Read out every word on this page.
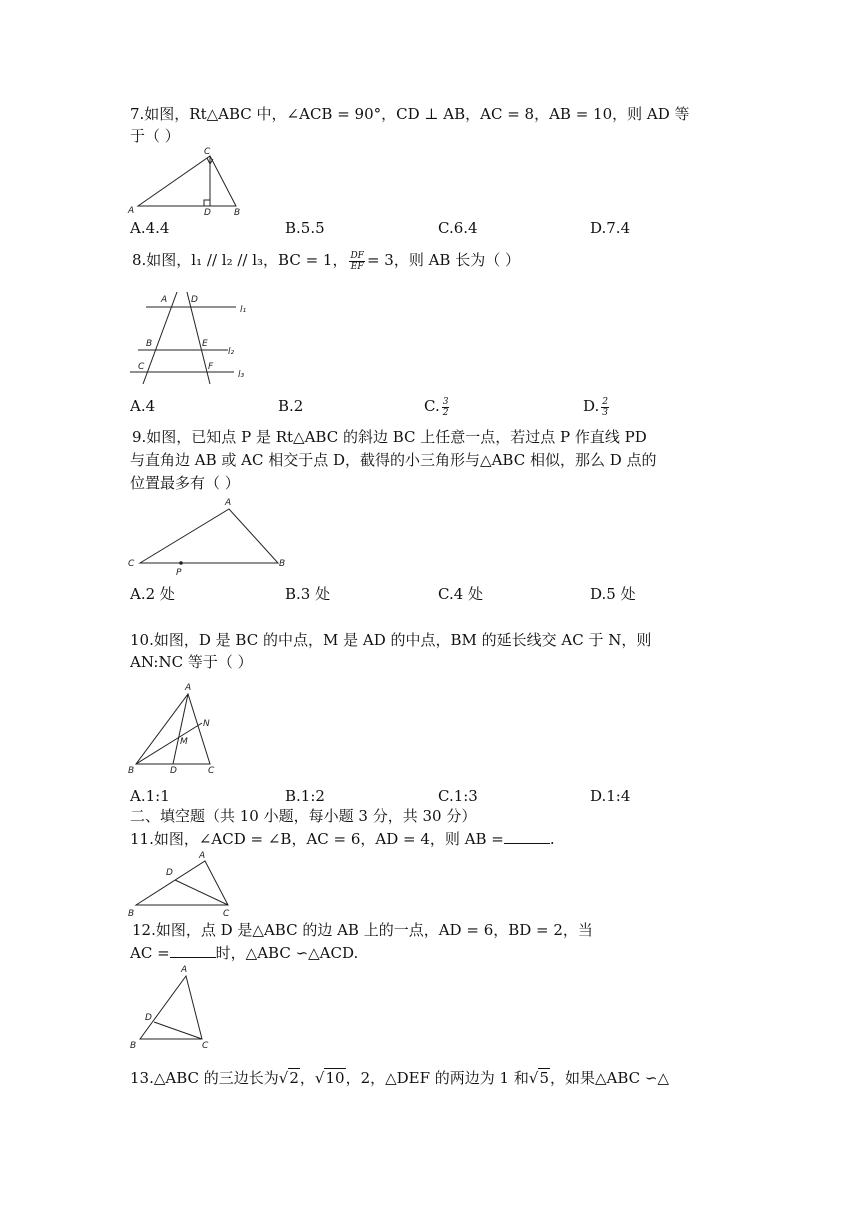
7.如图，Rt△ABC 中，∠ACB = 90°，CD ⊥ AB，AC = 8，AB = 10，则 AD 等
于（ ）
C
A	D	B
A.4.4	B.5.5	C.6.4	D.7.4
8.如图，l₁ // l₂ // l₃，BC = 1， $\frac{DF}{EF} = 3$，则 AB 长为（ ）
A	D
l₁
B	E
l₂
C	F
l₃
A.4	B.2	C. $\frac{3}{2}$	D. $\frac{2}{3}$
9.如图，已知点 P 是 Rt△ABC 的斜边 BC 上任意一点，若过点 P 作直线 PD
与直角边 AB 或 AC 相交于点 D，截得的小三角形与△ABC 相似，那么 D 点的
位置最多有（ ）
A
C	B
P
A.2 处	B.3 处	C.4 处	D.5 处
10.如图，D 是 BC 的中点，M 是 AD 的中点，BM 的延长线交 AC 于 N，则
AN:NC 等于（ ）
A
N
M
B	D	C
A.1:1	B.1:2	C.1:3	D.1:4
二、填空题（共 10 小题，每小题 3 分，共 30 分）
11.如图，∠ACD = ∠B，AC = 6，AD = 4，则 AB =	.
A
D
B	C
12.如图，点 D 是△ABC 的边 AB 上的一点，AD = 6，BD = 2，当
AC =	时，△ABC ∽△ACD.
A
D
B	C
13.△ABC 的三边长为√2，√10，2，△DEF 的两边为 1 和√5，如果△ABC ∽△
